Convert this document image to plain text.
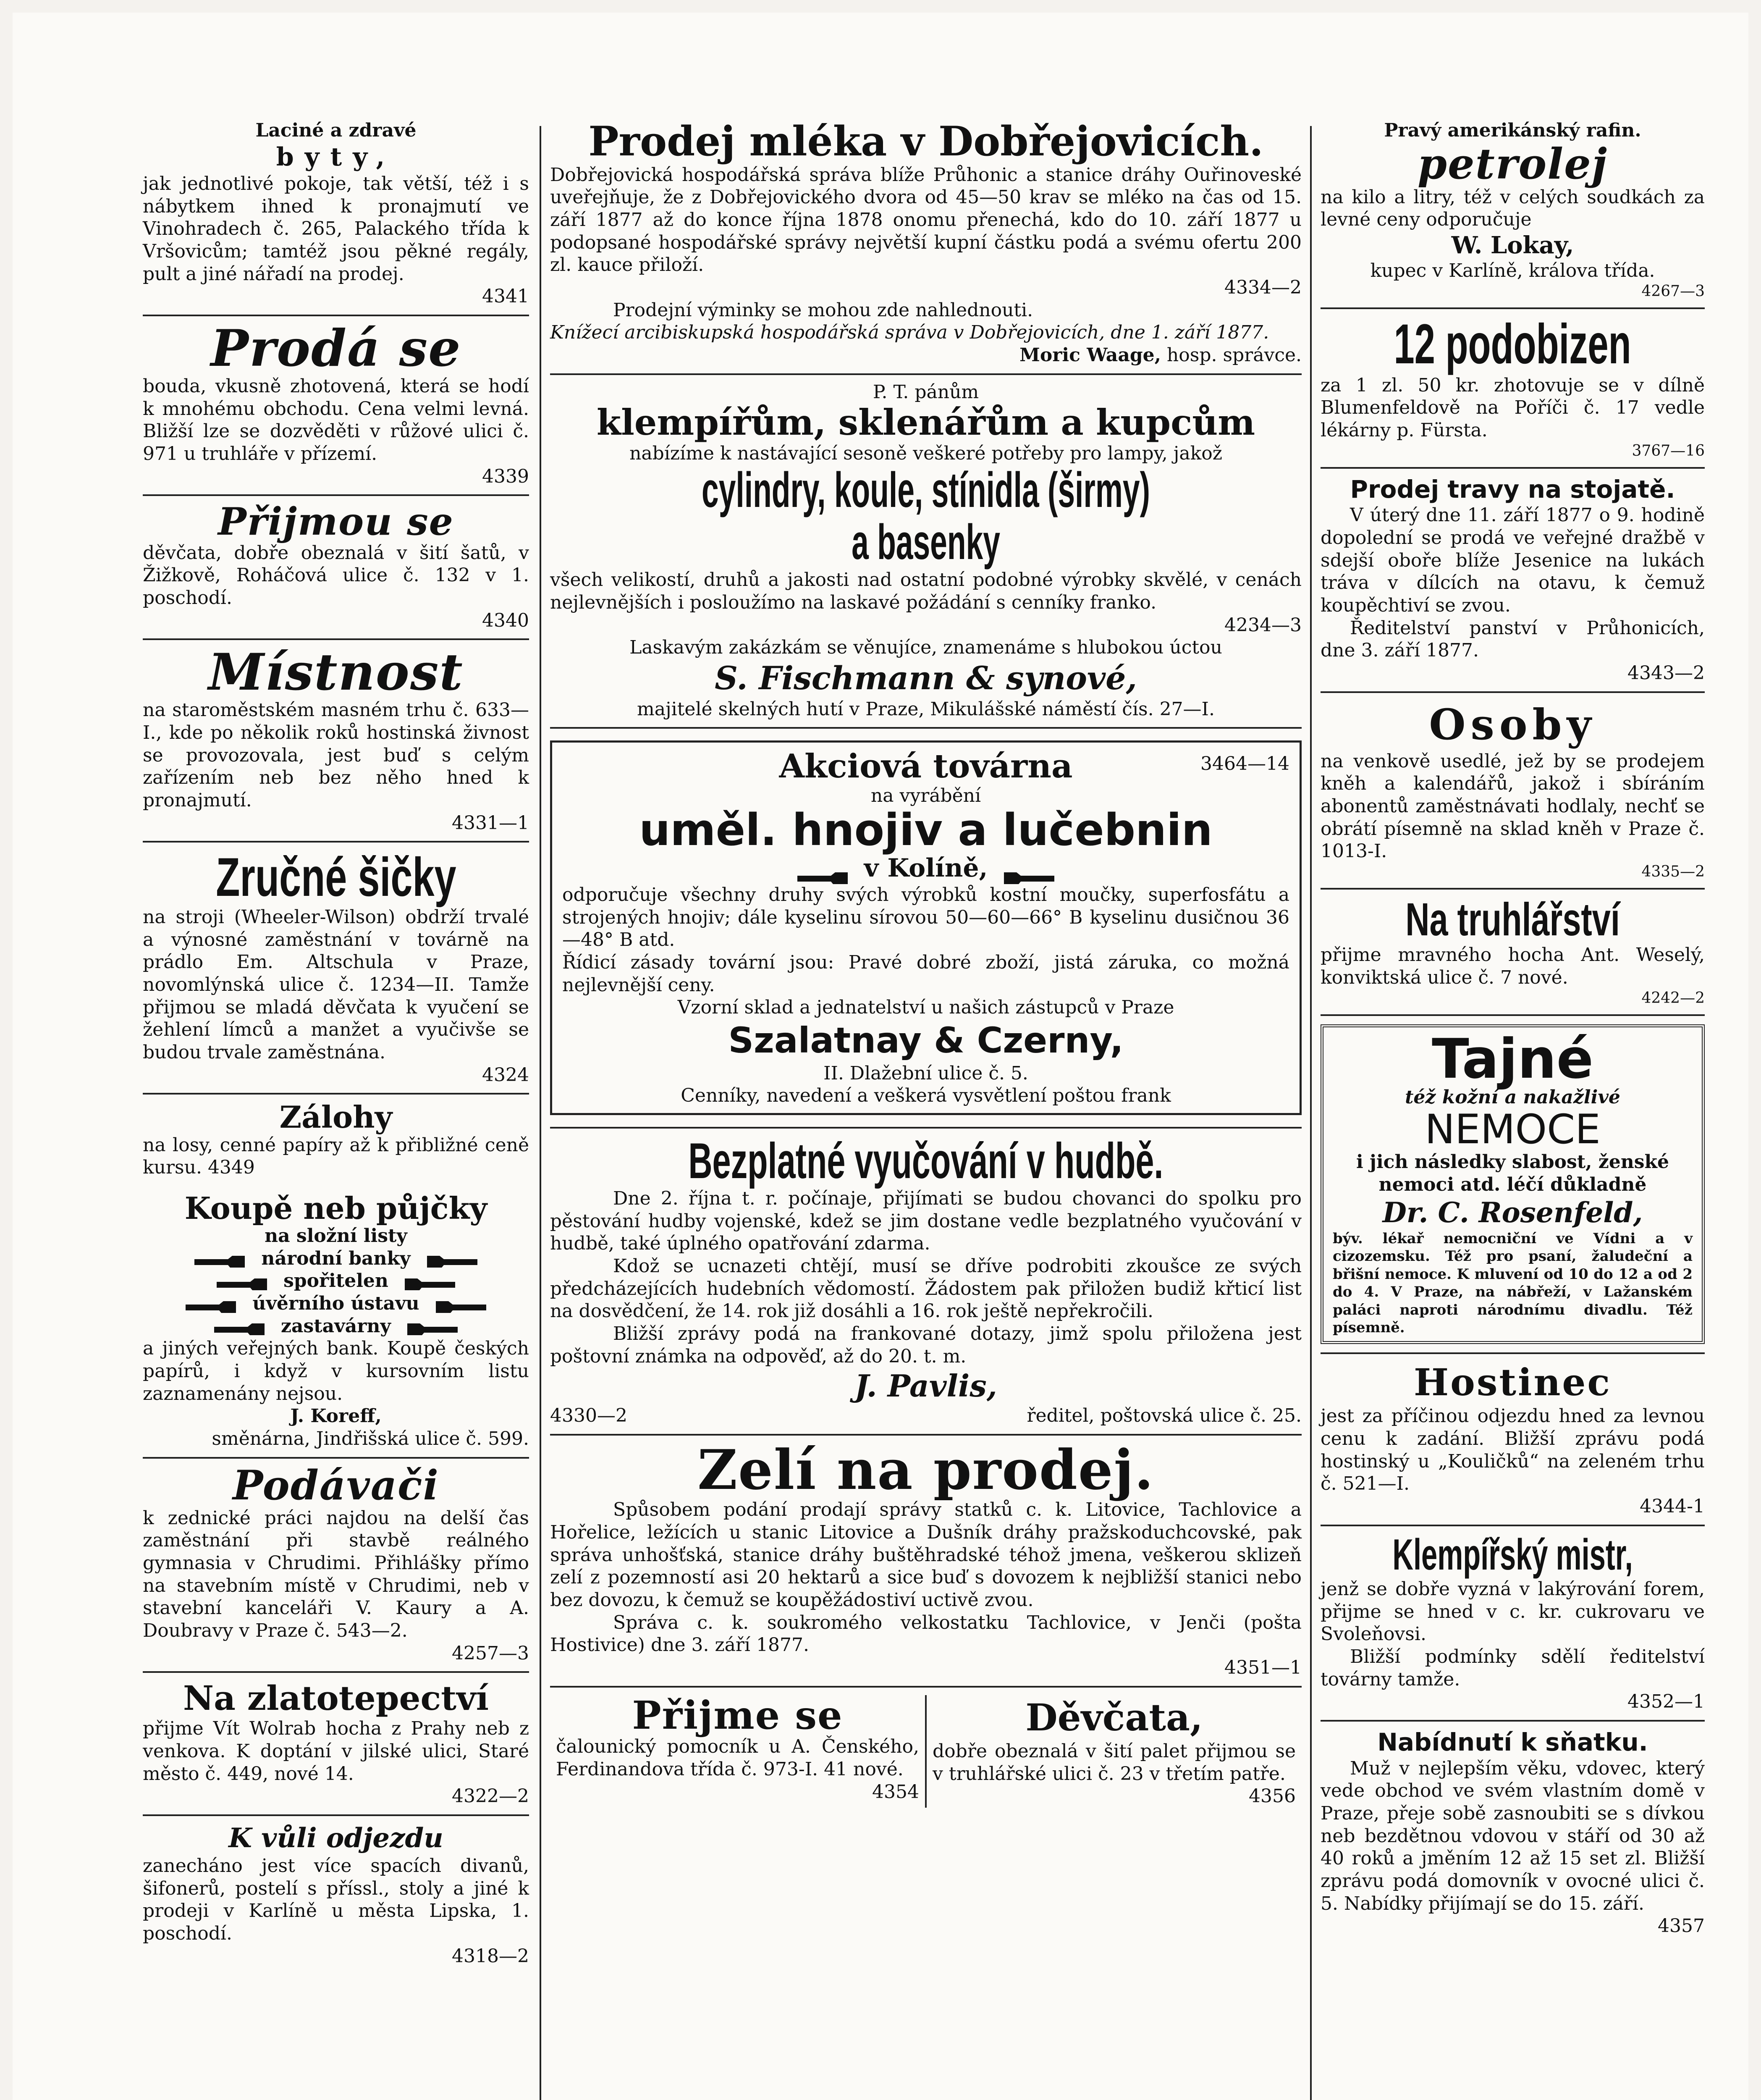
Laciné a zdravé
byty,
jak jednotlivé pokoje, tak větší, též i s nábytkem ihned k pronajmutí ve Vinohradech č. 265, Palackého třída k Vršovicům; tamtéž jsou pěkné regály, pult a jiné nářadí na prodej.
4341
Prodá se
bouda, vkusně zhotovená, která se hodí k mnohému obchodu. Cena velmi levná. Bližší lze se dozvěděti v růžové ulici č. 971 u truhláře v přízemí.
4339
Přijmou se
děvčata, dobře obeznalá v šití šatů, v Žižkově, Roháčová ulice č. 132 v 1. poschodí.
4340
Místnost
na staroměstském masném trhu č. 633—I., kde po několik roků hostinská živnost se provozovala, jest buď s celým zařízením neb bez něho hned k pronajmutí.
4331—1
Zručné šičky
na stroji (Wheeler-Wilson) obdrží trvalé a výnosné zaměstnání v továrně na prádlo Em. Altschula v Praze, novomlýnská ulice č. 1234—II. Tamže přijmou se mladá děvčata k vyučení se žehlení límců a manžet a vyučivše se budou trvale zaměstnána.
4324
Zálohy
na losy, cenné papíry až k přibližné ceně kursu. 4349
Koupě neb půjčky
na složní listy
národní banky
spořitelen
úvěrního ústavu
zastavárny
a jiných veřejných bank. Koupě českých papírů, i když v kursovním listu zaznamenány nejsou.
J. Koreff,
směnárna, Jindřišská ulice č. 599.
Podávači
k zednické práci najdou na delší čas zaměstnání při stavbě reálného gymnasia v Chrudimi. Přihlášky přímo na stavebním místě v Chrudimi, neb v stavební kanceláři V. Kaury a A. Doubravy v Praze č. 543—2.
4257—3
Na zlatotepectví
přijme Vít Wolrab hocha z Prahy neb z venkova. K doptání v jilské ulici, Staré město č. 449, nové 14.
4322—2
K vůli odjezdu
zanecháno jest více spacích divanů, šifonerů, postelí s příssl., stoly a jiné k prodeji v Karlíně u města Lipska, 1. poschodí.
4318—2
Prodej mléka v Dobřejovicích.
Dobřejovická hospodářská správa blíže Průhonic a stanice dráhy Ouřinoveské uveřejňuje, že z Dobřejovického dvora od 45—50 krav se mléko na čas od 15. září 1877 až do konce října 1878 onomu přenechá, kdo do 10. září 1877 u podopsané hospodářské správy největší kupní částku podá a svému ofertu 200 zl. kauce přiloží.
4334—2
Prodejní výminky se mohou zde nahlednouti.
Knížecí arcibiskupská hospodářská správa v Dobřejovicích, dne 1. září 1877.
Moric Waage, hosp. správce.
P. T. pánům
klempířům, sklenářům a kupcům
nabízíme k nastávající sesoně veškeré potřeby pro lampy, jakož
cylindry, koule, stínidla (širmy) a basenky
všech velikostí, druhů a jakosti nad ostatní podobné výrobky skvělé, v cenách nejlevnějších i posloužímo na laskavé požádání s cenníky franko.
4234—3
Laskavým zakázkám se věnujíce, znamenáme s hlubokou úctou
S. Fischmann & synové,
majitelé skelných hutí v Praze, Mikulášské náměstí čís. 27—I.
Akciová továrna	3464—14
na vyrábění
uměl. hnojiv a lučebnin
v Kolíně,
odporučuje všechny druhy svých výrobků kostní moučky, superfosfátu a strojených hnojiv; dále kyselinu sírovou 50—60—66° B kyselinu dusičnou 36—48° B atd.
Řídicí zásady tovární jsou: Pravé dobré zboží, jistá záruka, co možná nejlevnější ceny.
Vzorní sklad a jednatelství u našich zástupců v Praze
Szalatnay & Czerny,
II. Dlažební ulice č. 5.
Cenníky, navedení a veškerá vysvětlení poštou frank
Bezplatné vyučování v hudbě.
Dne 2. října t. r. počínaje, přijímati se budou chovanci do spolku pro pěstování hudby vojenské, kdež se jim dostane vedle bezplatného vyučování v hudbě, také úplného opatřování zdarma.
Kdož se ucnazeti chtějí, musí se dříve podrobiti zkoušce ze svých předcházejících hudebních vědomostí. Žádostem pak přiložen budiž křticí list na dosvědčení, že 14. rok již dosáhli a 16. rok ještě nepřekročili.
Bližší zprávy podá na frankované dotazy, jimž spolu přiložena jest poštovní známka na odpověď, až do 20. t. m.
J. Pavlis,
4330—2	ředitel, poštovská ulice č. 25.
Zelí na prodej.
Spůsobem podání prodají správy statků c. k. Litovice, Tachlovice a Hořelice, ležících u stanic Litovice a Dušník dráhy pražskoduchcovské, pak správa unhošťská, stanice dráhy buštěhradské téhož jmena, veškerou sklizeň zelí z pozemností asi 20 hektarů a sice buď s dovozem k nejbližší stanici nebo bez dovozu, k čemuž se koupěžádostiví uctivě zvou.
Správa c. k. soukromého velkostatku Tachlovice, v Jenči (pošta Hostivice) dne 3. září 1877.
4351—1
Přijme se
čalounický pomocník u A. Čenského, Ferdinandova třída č. 973-I. 41 nové.
4354
Děvčata,
dobře obeznalá v šití palet přijmou se v truhlářské ulici č. 23 v třetím patře.
4356
Pravý amerikánský rafin.
petrolej
na kilo a litry, též v celých soudkách za levné ceny odporučuje
W. Lokay,
kupec v Karlíně, králova třída.
4267—3
12 podobizen
za 1 zl. 50 kr. zhotovuje se v dílně Blumenfeldově na Poříči č. 17 vedle lékárny p. Fürsta.
3767—16
Prodej travy na stojatě.
V úterý dne 11. září 1877 o 9. hodině dopolední se prodá ve veřejné dražbě v sdejší oboře blíže Jesenice na lukách tráva v dílcích na otavu, k čemuž koupěchtiví se zvou.
Ředitelství panství v Průhonicích, dne 3. září 1877.
4343—2
Osoby
na venkově usedlé, jež by se prodejem kněh a kalendářů, jakož i sbíráním abonentů zaměstnávati hodlaly, nechť se obrátí písemně na sklad kněh v Praze č. 1013-I.
4335—2
Na truhlářství
přijme mravného hocha Ant. Weselý, konviktská ulice č. 7 nové.
4242—2
Tajné
též kožní a nakažlivé
NEMOCE
i jich následky slabost, ženské nemoci atd. léčí důkladně
Dr. C. Rosenfeld,
býv. lékař nemocniční ve Vídni a v cizozemsku. Též pro psaní, žaludeční a břišní nemoce. K mluvení od 10 do 12 a od 2 do 4. V Praze, na nábřeží, v Lažanském paláci naproti národnímu divadlu. Též písemně.
Hostinec
jest za příčinou odjezdu hned za levnou cenu k zadání. Bližší zprávu podá hostinský u „Kouličků“ na zeleném trhu č. 521—I.
4344-1
Klempířský mistr,
jenž se dobře vyzná v lakýrování forem, přijme se hned v c. kr. cukrovaru ve Svoleňovsi.
Bližší podmínky sdělí ředitelství továrny tamže.
4352—1
Nabídnutí k sňatku.
Muž v nejlepším věku, vdovec, který vede obchod ve svém vlastním domě v Praze, přeje sobě zasnoubiti se s dívkou neb bezdětnou vdovou v stáří od 30 až 40 roků a jměním 12 až 15 set zl. Bližší zprávu podá domovník v ovocné ulici č. 5. Nabídky přijímají se do 15. září.
4357
